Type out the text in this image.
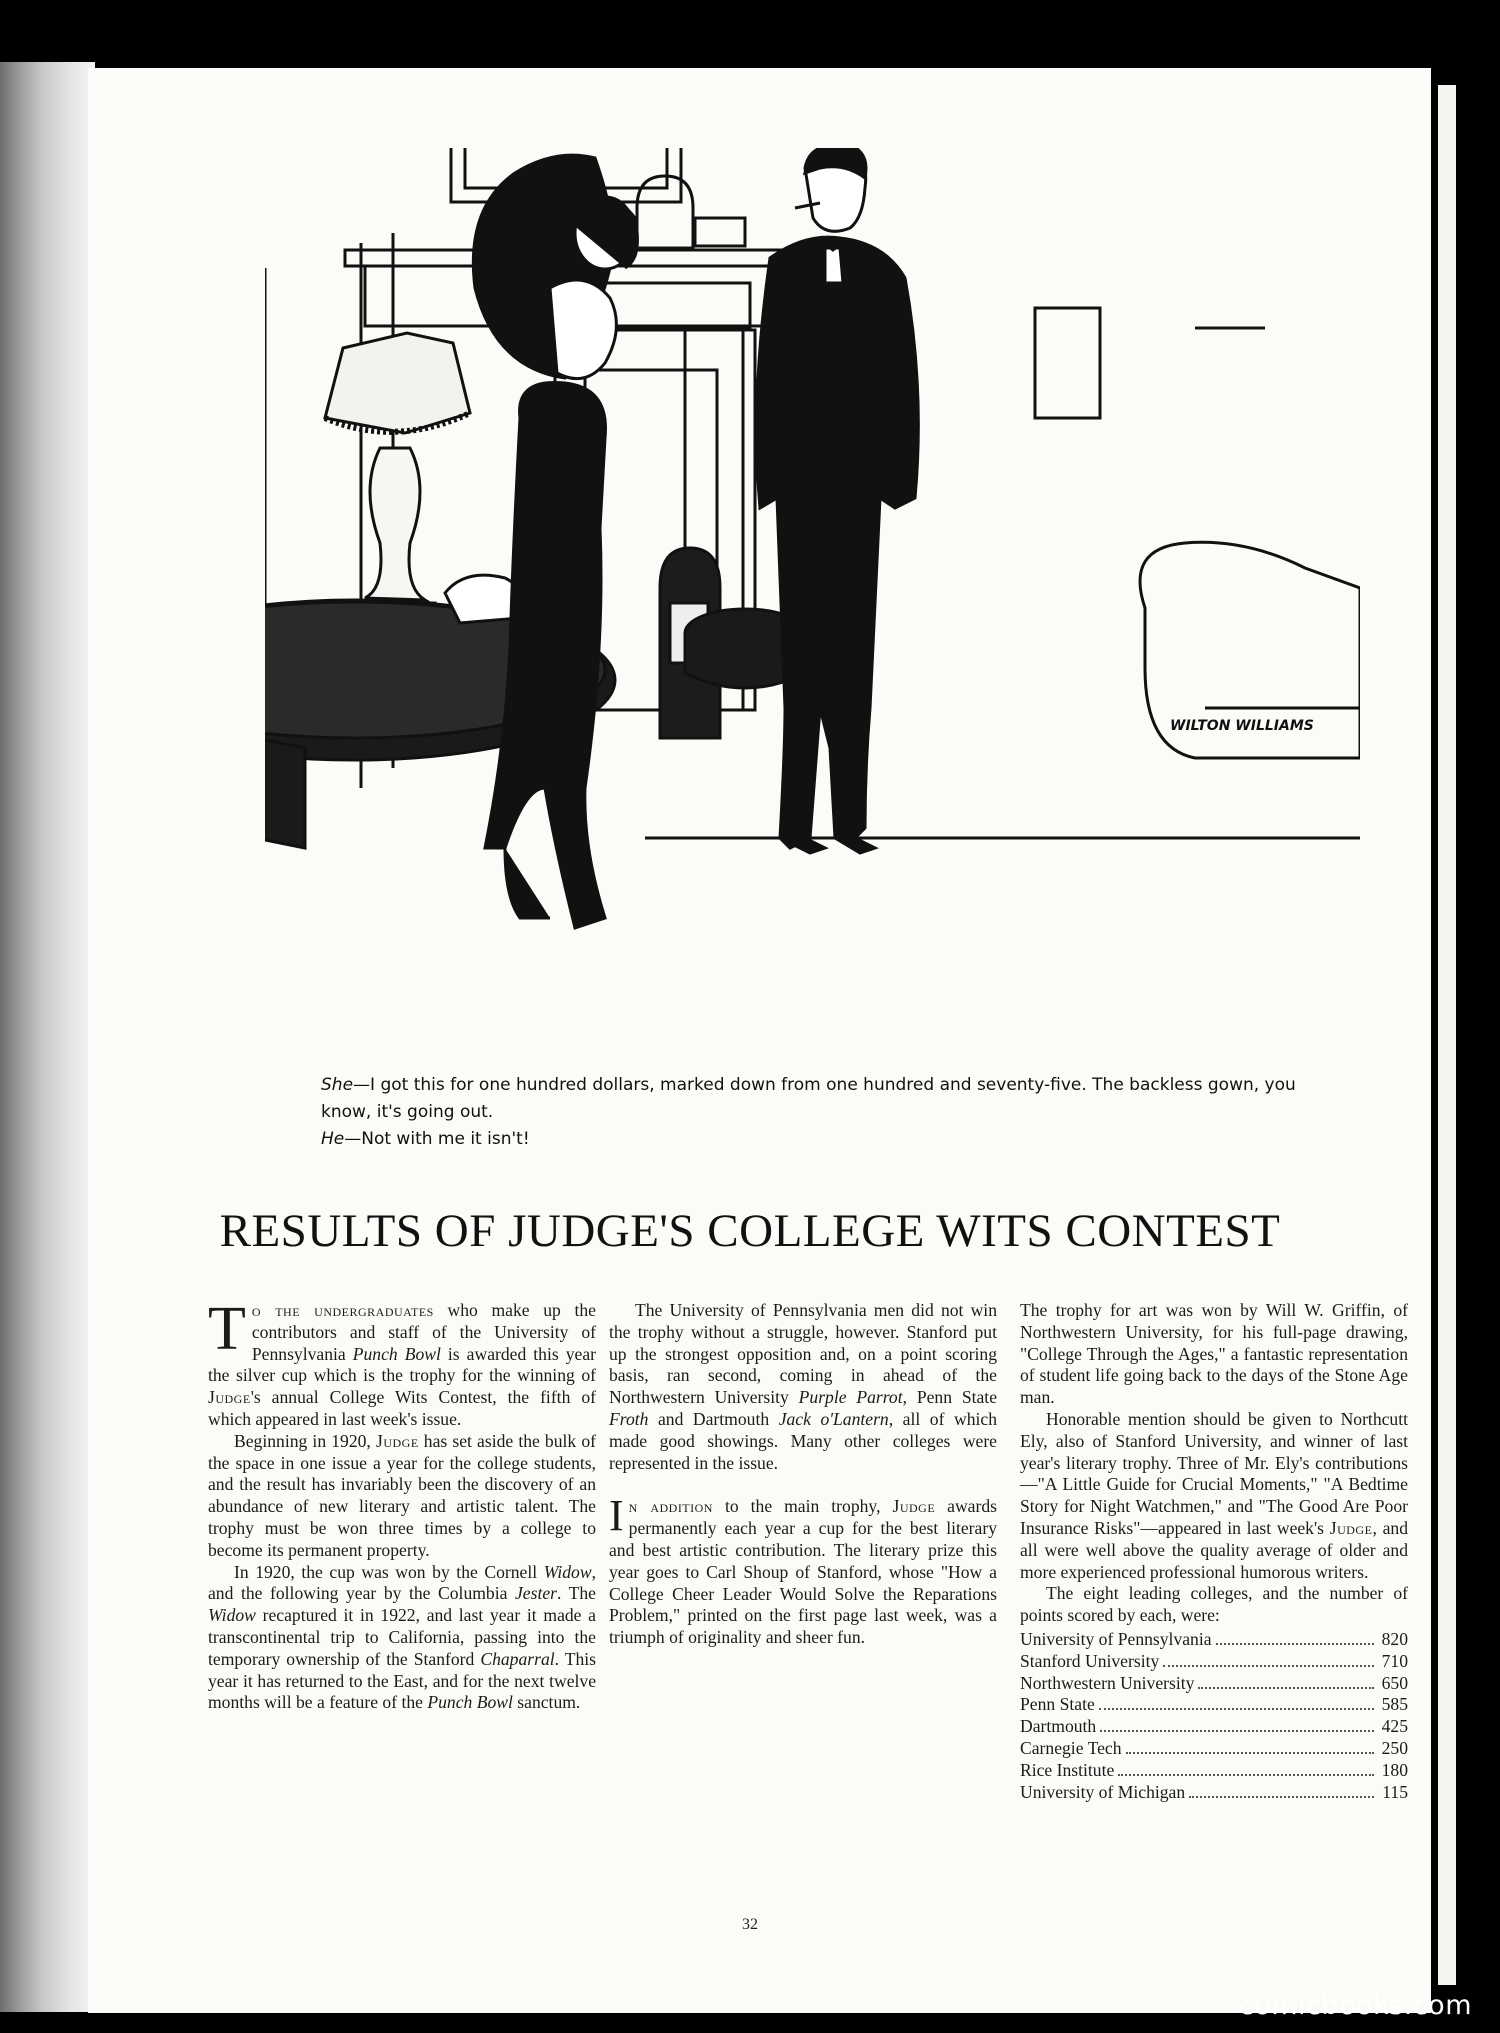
WILTON WILLIAMS

She—I got this for one hundred dollars, marked down from one hundred and seventy-five. The backless gown, you know, it's going out.

He—Not with me it isn't!

RESULTS OF JUDGE'S COLLEGE WITS CONTEST

To the undergraduates who make up the contributors and staff of the University of Pennsylvania Punch Bowl is awarded this year the silver cup which is the trophy for the winning of Judge's annual College Wits Contest, the fifth of which appeared in last week's issue.

Beginning in 1920, Judge has set aside the bulk of the space in one issue a year for the college students, and the result has invariably been the discovery of an abundance of new literary and artistic talent. The trophy must be won three times by a college to become its permanent property.

In 1920, the cup was won by the Cornell Widow, and the following year by the Columbia Jester. The Widow recaptured it in 1922, and last year it made a transcontinental trip to California, passing into the temporary ownership of the Stanford Chaparral. This year it has returned to the East, and for the next twelve months will be a feature of the Punch Bowl sanctum.

The trophy for art was won by Will W. Griffin, of Northwestern University, for his full-page drawing, "College Through the Ages," a fantastic representation of student life going back to the days of the Stone Age man.

Honorable mention should be given to Northcutt Ely, also of Stanford University, and winner of last year's literary trophy. Three of Mr. Ely's contributions—"A Little Guide for Crucial Moments," "A Bedtime Story for Night Watchmen," and "The Good Are Poor Insurance Risks"—appeared in last week's Judge, and all were well above the quality average of older and more experienced professional humorous writers.

The eight leading colleges, and the number of points scored by each, were:

University of Pennsylvania	820
Stanford University	710
Northwestern University	650
Penn State	585
Dartmouth	425
Carnegie Tech	250
Rice Institute	180
University of Michigan	115

The University of Pennsylvania men did not win the trophy without a struggle, however. Stanford put up the strongest opposition and, on a point scoring basis, ran second, coming in ahead of the Northwestern University Purple Parrot, Penn State Froth and Dartmouth Jack o'Lantern, all of which made good showings. Many other colleges were represented in the issue.

In addition to the main trophy, Judge awards permanently each year a cup for the best literary and best artistic contribution. The literary prize this year goes to Carl Shoup of Stanford, whose "How a College Cheer Leader Would Solve the Reparations Problem," printed on the first page last week, was a triumph of originality and sheer fun.

32
comicbooks.com
